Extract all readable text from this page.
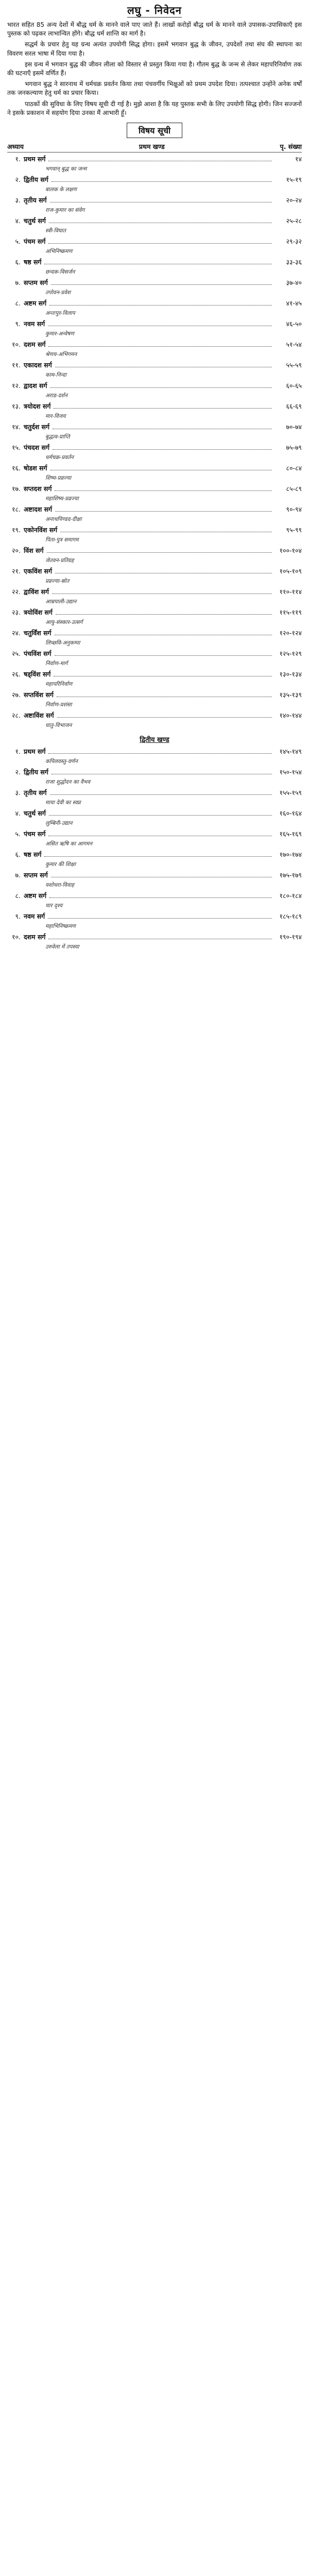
लघु - निवेदन

भारत सहित 85 अन्य देशों में बौद्ध धर्म के मानने वाले पाए जाते हैं। लाखों करोड़ों बौद्ध धर्म के मानने वाले उपासक-उपासिकाएँ इस पुस्तक को पढ़कर लाभान्वित होंगे। बौद्ध धर्म शान्ति का मार्ग है।

सद्धर्म के प्रचार हेतु यह ग्रन्थ अत्यंत उपयोगी सिद्ध होगा। इसमें भगवान बुद्ध के जीवन, उपदेशों तथा संघ की स्थापना का विवरण सरल भाषा में दिया गया है।

इस ग्रन्थ में भगवान बुद्ध की जीवन लीला को विस्तार से प्रस्तुत किया गया है। गौतम बुद्ध के जन्म से लेकर महापरिनिर्वाण तक की घटनाएँ इसमें वर्णित हैं।

भगवान बुद्ध ने सारनाथ में धर्मचक्र प्रवर्तन किया तथा पंचवर्गीय भिक्षुओं को प्रथम उपदेश दिया। तत्पश्चात उन्होंने अनेक वर्षों तक जनकल्याण हेतु धर्म का प्रचार किया।

पाठकों की सुविधा के लिए विषय सूची दी गई है। मुझे आशा है कि यह पुस्तक सभी के लिए उपयोगी सिद्ध होगी। जिन सज्जनों ने इसके प्रकाशन में सहयोग दिया उनका मैं आभारी हूँ।

विषय सूची
अध्याय	प्रथम खण्ड	पृ. संख्या
१. प्रथम सर्ग	१४
भगवान् बुद्ध का जन्म
२. द्वितीय सर्ग	१५-१९
बालक के लक्षण
३. तृतीय सर्ग	२०-२४
राज-कुमार का संवेग
४. चतुर्थ सर्ग	२५-२८
स्त्री-विघात
५. पंचम सर्ग	२९-३२
अभिनिष्क्रमण
६. षष्ठ सर्ग	३३-३६
छन्दक-विसर्जन
७. सप्तम सर्ग	३७-४०
तपोवन-प्रवेश
८. अष्टम सर्ग	४१-४५
अन्तःपुर-विलाप
९. नवम सर्ग	४६-५०
कुमार-अन्वेषण
१०. दशम सर्ग	५१-५४
श्रेणय-अभिगमन
११. एकादश सर्ग	५५-५९
काम-निन्दा
१२. द्वादश सर्ग	६०-६५
अराड-दर्शन
१३. त्रयोदश सर्ग	६६-६९
मार-विजय
१४. चतुर्दश सर्ग	७०-७४
बुद्धत्व-प्राप्ति
१५. पंचदश सर्ग	७५-७९
धर्मचक्र-प्रवर्तन
१६. षोडश सर्ग	८०-८४
शिष्य-प्रव्रज्या
१७. सप्तदश सर्ग	८५-८९
महाशिष्य-प्रव्रज्या
१८. अष्टादश सर्ग	९०-९४
अनाथपिण्डद-दीक्षा
१९. एकोनविंश सर्ग	९५-९९
पिता-पुत्र समागम
२०. विंश सर्ग	१००-१०४
जेतवन-प्रतिग्रह
२१. एकविंश सर्ग	१०५-१०९
प्रव्रज्या-स्रोत
२२. द्वाविंश सर्ग	११०-११४
आम्रपाली-उद्यान
२३. त्रयोविंश सर्ग	११५-११९
आयु-संस्कार-उत्सर्ग
२४. चतुर्विंश सर्ग	१२०-१२४
लिच्छवि-अनुकम्पा
२५. पंचविंश सर्ग	१२५-१२९
निर्वाण-मार्ग
२६. षड्विंश सर्ग	१३०-१३४
महापरिनिर्वाण
२७. सप्तविंश सर्ग	१३५-१३९
निर्वाण-प्रशंसा
२८. अष्टाविंश सर्ग	१४०-१४४
धातु-विभाजन
द्वितीय खण्ड
१. प्रथम सर्ग	१४५-१४९
कपिलवस्तु-वर्णन
२. द्वितीय सर्ग	१५०-१५४
राजा शुद्धोदन का वैभव
३. तृतीय सर्ग	१५५-१५९
माया देवी का स्वप्न
४. चतुर्थ सर्ग	१६०-१६४
लुम्बिनी-उद्यान
५. पंचम सर्ग	१६५-१६९
असित ऋषि का आगमन
६. षष्ठ सर्ग	१७०-१७४
कुमार की शिक्षा
७. सप्तम सर्ग	१७५-१७९
यशोधरा-विवाह
८. अष्टम सर्ग	१८०-१८४
चार दृश्य
९. नवम सर्ग	१८५-१८९
महाभिनिष्क्रमण
१०. दशम सर्ग	१९०-१९४
उरुवेला में तपस्या
